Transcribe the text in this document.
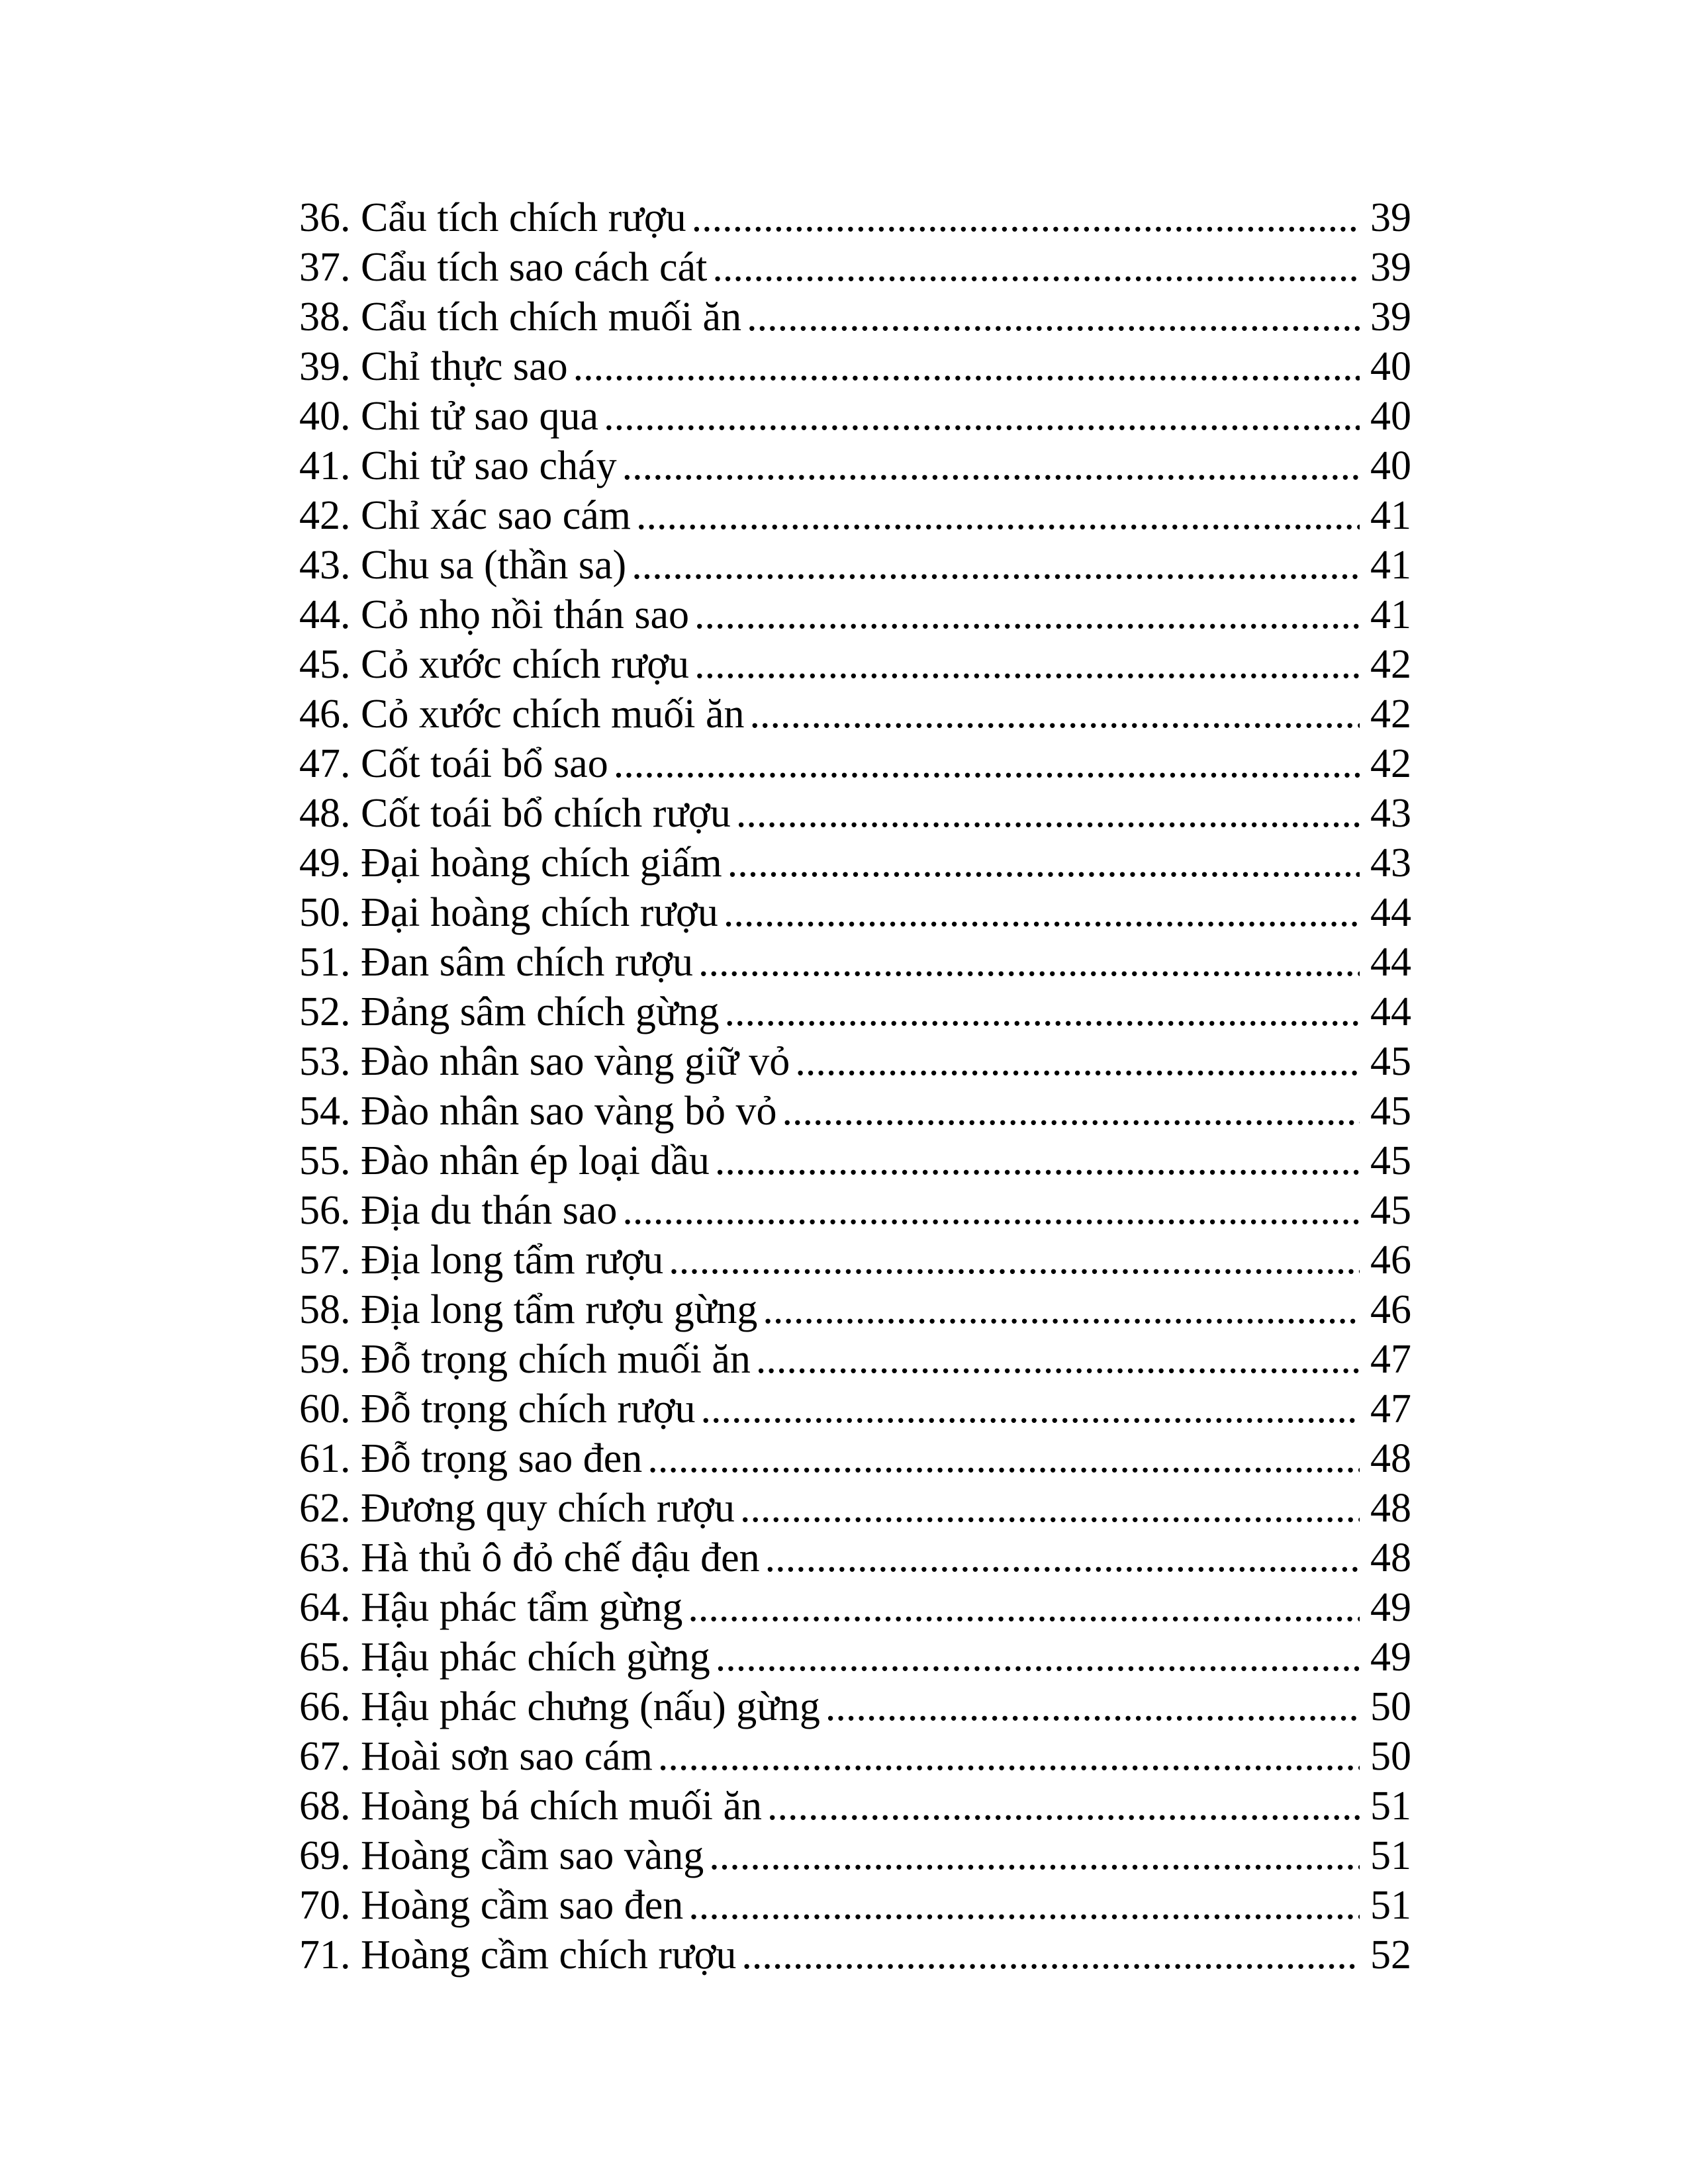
36. Cẩu tích chích rượu .....	39
37. Cẩu tích sao cách cát .....	39
38. Cẩu tích chích muối ăn .....	39
39. Chỉ thực sao .....	40
40. Chi tử sao qua .....	40
41. Chi tử sao cháy .....	40
42. Chỉ xác sao cám .....	41
43. Chu sa (thần sa) .....	41
44. Cỏ nhọ nồi thán sao .....	41
45. Cỏ xước chích rượu .....	42
46. Cỏ xước chích muối ăn .....	42
47. Cốt toái bổ sao .....	42
48. Cốt toái bổ chích rượu .....	43
49. Đại hoàng chích giấm .....	43
50. Đại hoàng chích rượu .....	44
51. Đan sâm chích rượu .....	44
52. Đảng sâm chích gừng .....	44
53. Đào nhân sao vàng giữ vỏ .....	45
54. Đào nhân sao vàng bỏ vỏ .....	45
55. Đào nhân ép loại dầu .....	45
56. Địa du thán sao .....	45
57. Địa long tẩm rượu .....	46
58. Địa long tẩm rượu gừng .....	46
59. Đỗ trọng chích muối ăn .....	47
60. Đỗ trọng chích rượu .....	47
61. Đỗ trọng sao đen .....	48
62. Đương quy chích rượu .....	48
63. Hà thủ ô đỏ chế đậu đen .....	48
64. Hậu phác tẩm gừng .....	49
65. Hậu phác chích gừng .....	49
66. Hậu phác chưng (nấu) gừng .....	50
67. Hoài sơn sao cám .....	50
68. Hoàng bá chích muối ăn .....	51
69. Hoàng cầm sao vàng .....	51
70. Hoàng cầm sao đen .....	51
71. Hoàng cầm chích rượu .....	52
